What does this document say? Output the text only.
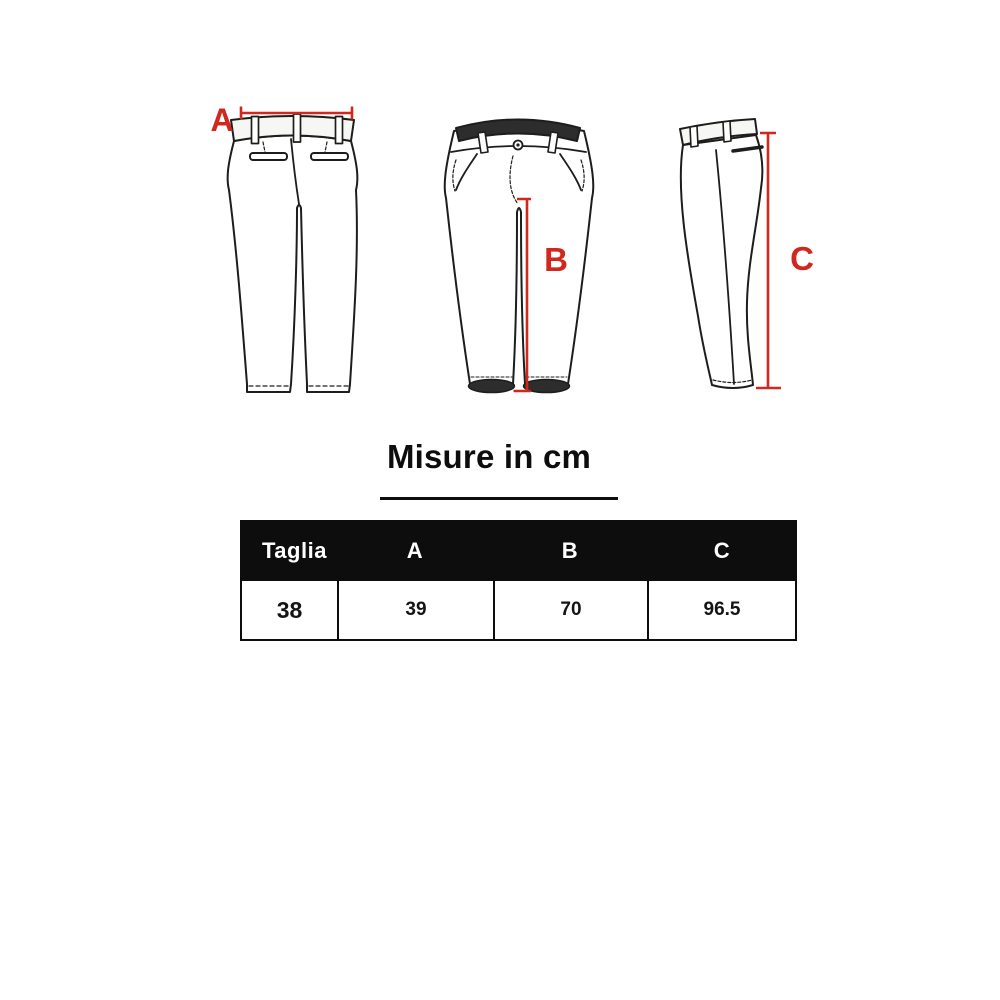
A
B	C
Misure in cm
Taglia	A	B	C
38	39	70	96.5
